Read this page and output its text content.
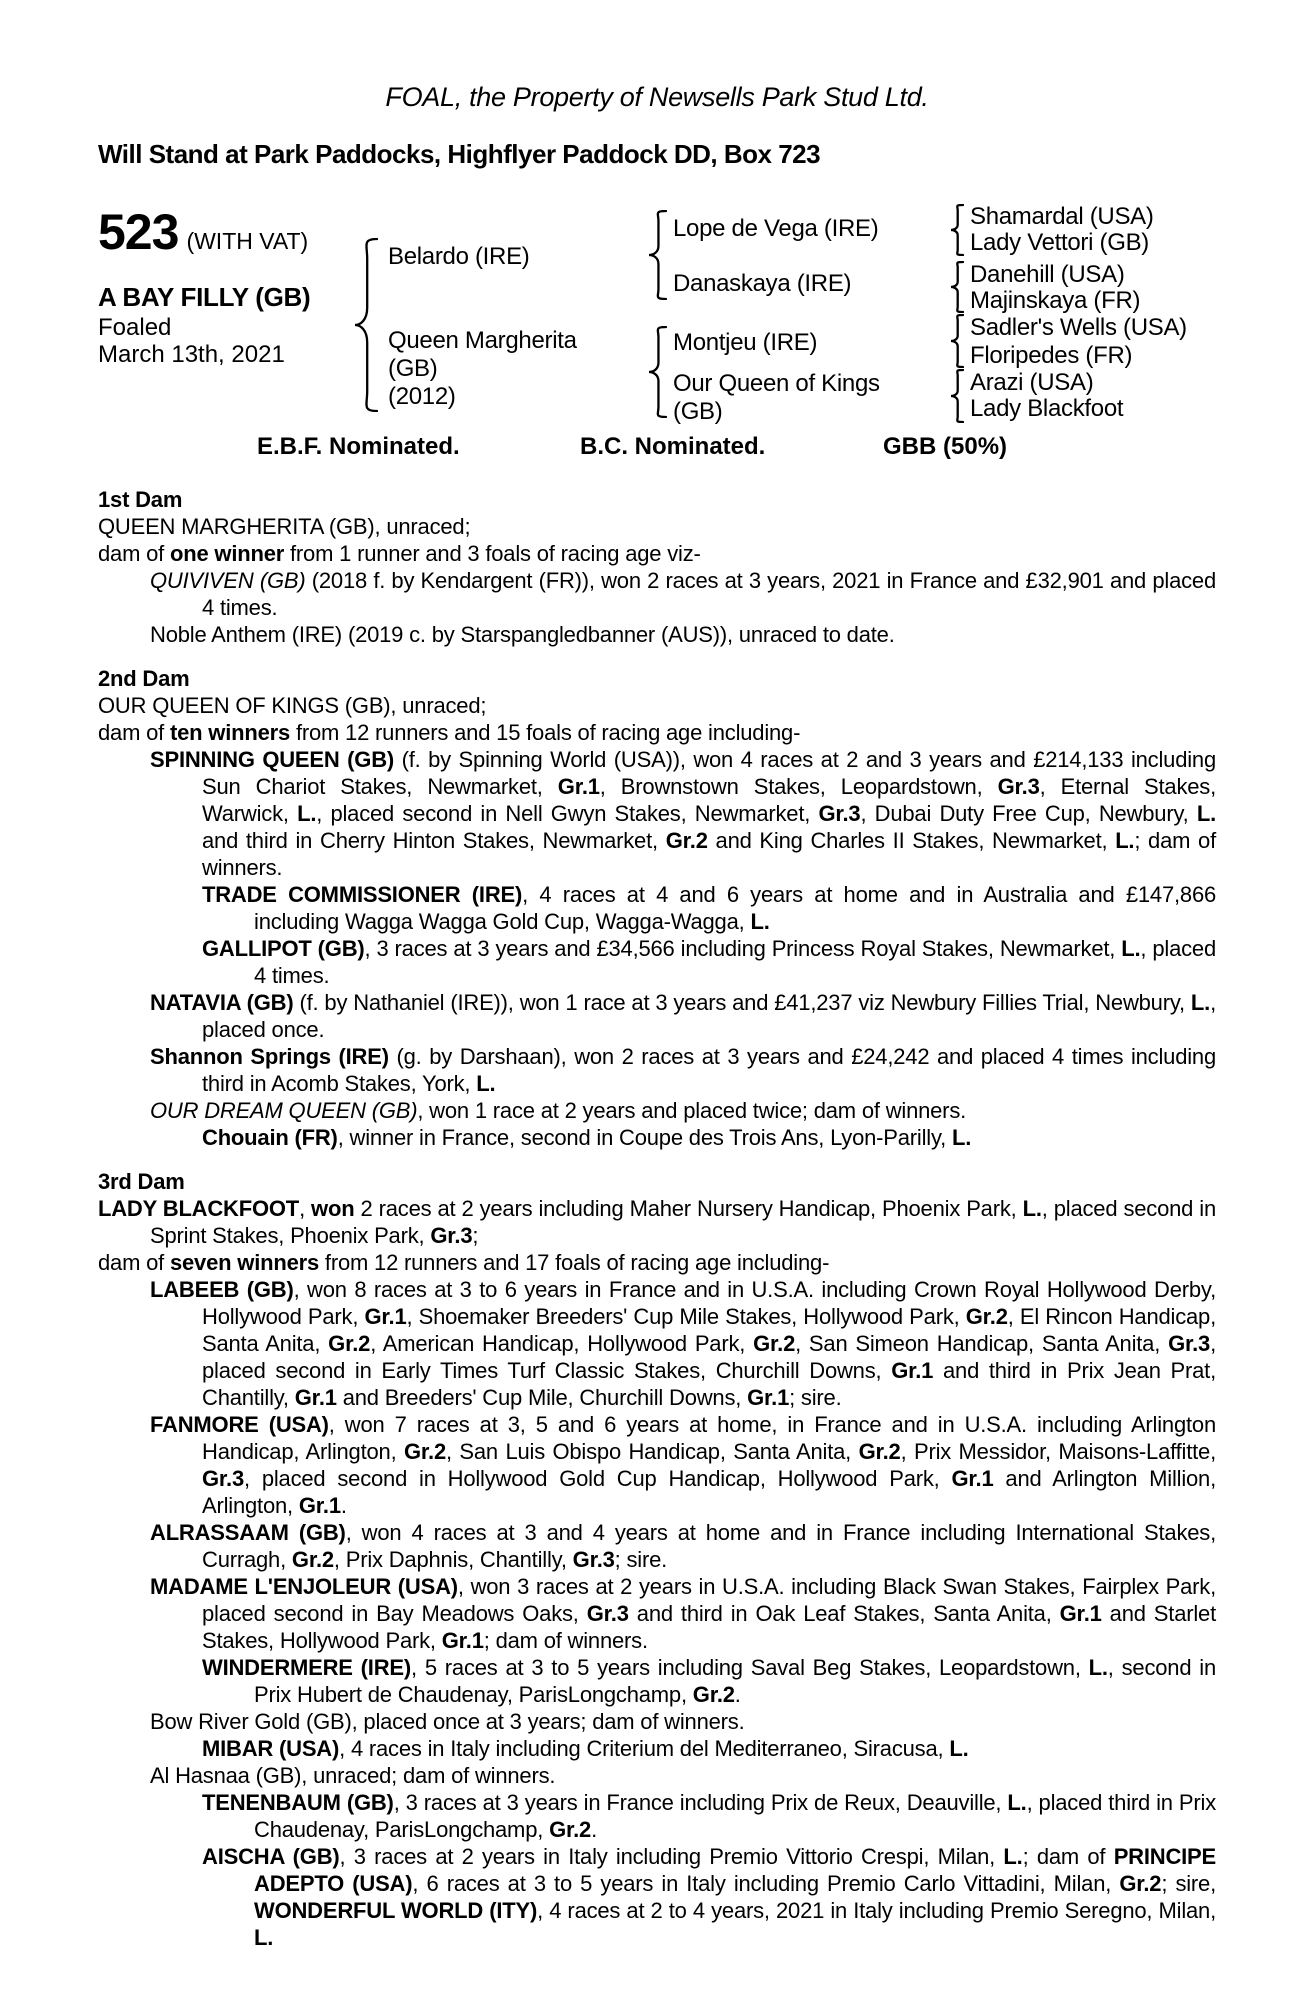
FOAL, the Property of Newsells Park Stud Ltd.
Will Stand at Park Paddocks, Highflyer Paddock DD, Box 723
523 (WITH VAT)
A BAY FILLY (GB)
Foaled
March 13th, 2021
Belardo (IRE)
Queen Margherita
(GB)
(2012)
Lope de Vega (IRE)
Danaskaya (IRE)
Montjeu (IRE)
Our Queen of Kings
(GB)
Shamardal (USA)
Lady Vettori (GB)
Danehill (USA)
Majinskaya (FR)
Sadler's Wells (USA)
Floripedes (FR)
Arazi (USA)
Lady Blackfoot
E.B.F. Nominated.	B.C. Nominated.	GBB (50%)
1st Dam
QUEEN MARGHERITA (GB), unraced;
dam of one winner from 1 runner and 3 foals of racing age viz-
QUIVIVEN (GB) (2018 f. by Kendargent (FR)), won 2 races at 3 years, 2021 in France and £32,901 and placed 4 times.
Noble Anthem (IRE) (2019 c. by Starspangledbanner (AUS)), unraced to date.
2nd Dam
OUR QUEEN OF KINGS (GB), unraced;
dam of ten winners from 12 runners and 15 foals of racing age including-
SPINNING QUEEN (GB) (f. by Spinning World (USA)), won 4 races at 2 and 3 years and £214,133 including Sun Chariot Stakes, Newmarket, Gr.1, Brownstown Stakes, Leopardstown, Gr.3, Eternal Stakes, Warwick, L., placed second in Nell Gwyn Stakes, Newmarket, Gr.3, Dubai Duty Free Cup, Newbury, L. and third in Cherry Hinton Stakes, Newmarket, Gr.2 and King Charles II Stakes, Newmarket, L.; dam of winners.
TRADE COMMISSIONER (IRE), 4 races at 4 and 6 years at home and in Australia and £147,866 including Wagga Wagga Gold Cup, Wagga-Wagga, L.
GALLIPOT (GB), 3 races at 3 years and £34,566 including Princess Royal Stakes, Newmarket, L., placed 4 times.
NATAVIA (GB) (f. by Nathaniel (IRE)), won 1 race at 3 years and £41,237 viz Newbury Fillies Trial, Newbury, L., placed once.
Shannon Springs (IRE) (g. by Darshaan), won 2 races at 3 years and £24,242 and placed 4 times including third in Acomb Stakes, York, L.
OUR DREAM QUEEN (GB), won 1 race at 2 years and placed twice; dam of winners.
Chouain (FR), winner in France, second in Coupe des Trois Ans, Lyon-Parilly, L.
3rd Dam
LADY BLACKFOOT, won 2 races at 2 years including Maher Nursery Handicap, Phoenix Park, L., placed second in Sprint Stakes, Phoenix Park, Gr.3;
dam of seven winners from 12 runners and 17 foals of racing age including-
LABEEB (GB), won 8 races at 3 to 6 years in France and in U.S.A. including Crown Royal Hollywood Derby, Hollywood Park, Gr.1, Shoemaker Breeders' Cup Mile Stakes, Hollywood Park, Gr.2, El Rincon Handicap, Santa Anita, Gr.2, American Handicap, Hollywood Park, Gr.2, San Simeon Handicap, Santa Anita, Gr.3, placed second in Early Times Turf Classic Stakes, Churchill Downs, Gr.1 and third in Prix Jean Prat, Chantilly, Gr.1 and Breeders' Cup Mile, Churchill Downs, Gr.1; sire.
FANMORE (USA), won 7 races at 3, 5 and 6 years at home, in France and in U.S.A. including Arlington Handicap, Arlington, Gr.2, San Luis Obispo Handicap, Santa Anita, Gr.2, Prix Messidor, Maisons-Laffitte, Gr.3, placed second in Hollywood Gold Cup Handicap, Hollywood Park, Gr.1 and Arlington Million, Arlington, Gr.1.
ALRASSAAM (GB), won 4 races at 3 and 4 years at home and in France including International Stakes, Curragh, Gr.2, Prix Daphnis, Chantilly, Gr.3; sire.
MADAME L'ENJOLEUR (USA), won 3 races at 2 years in U.S.A. including Black Swan Stakes, Fairplex Park, placed second in Bay Meadows Oaks, Gr.3 and third in Oak Leaf Stakes, Santa Anita, Gr.1 and Starlet Stakes, Hollywood Park, Gr.1; dam of winners.
WINDERMERE (IRE), 5 races at 3 to 5 years including Saval Beg Stakes, Leopardstown, L., second in Prix Hubert de Chaudenay, ParisLongchamp, Gr.2.
Bow River Gold (GB), placed once at 3 years; dam of winners.
MIBAR (USA), 4 races in Italy including Criterium del Mediterraneo, Siracusa, L.
Al Hasnaa (GB), unraced; dam of winners.
TENENBAUM (GB), 3 races at 3 years in France including Prix de Reux, Deauville, L., placed third in Prix Chaudenay, ParisLongchamp, Gr.2.
AISCHA (GB), 3 races at 2 years in Italy including Premio Vittorio Crespi, Milan, L.; dam of PRINCIPE ADEPTO (USA), 6 races at 3 to 5 years in Italy including Premio Carlo Vittadini, Milan, Gr.2; sire, WONDERFUL WORLD (ITY), 4 races at 2 to 4 years, 2021 in Italy including Premio Seregno, Milan, L.
